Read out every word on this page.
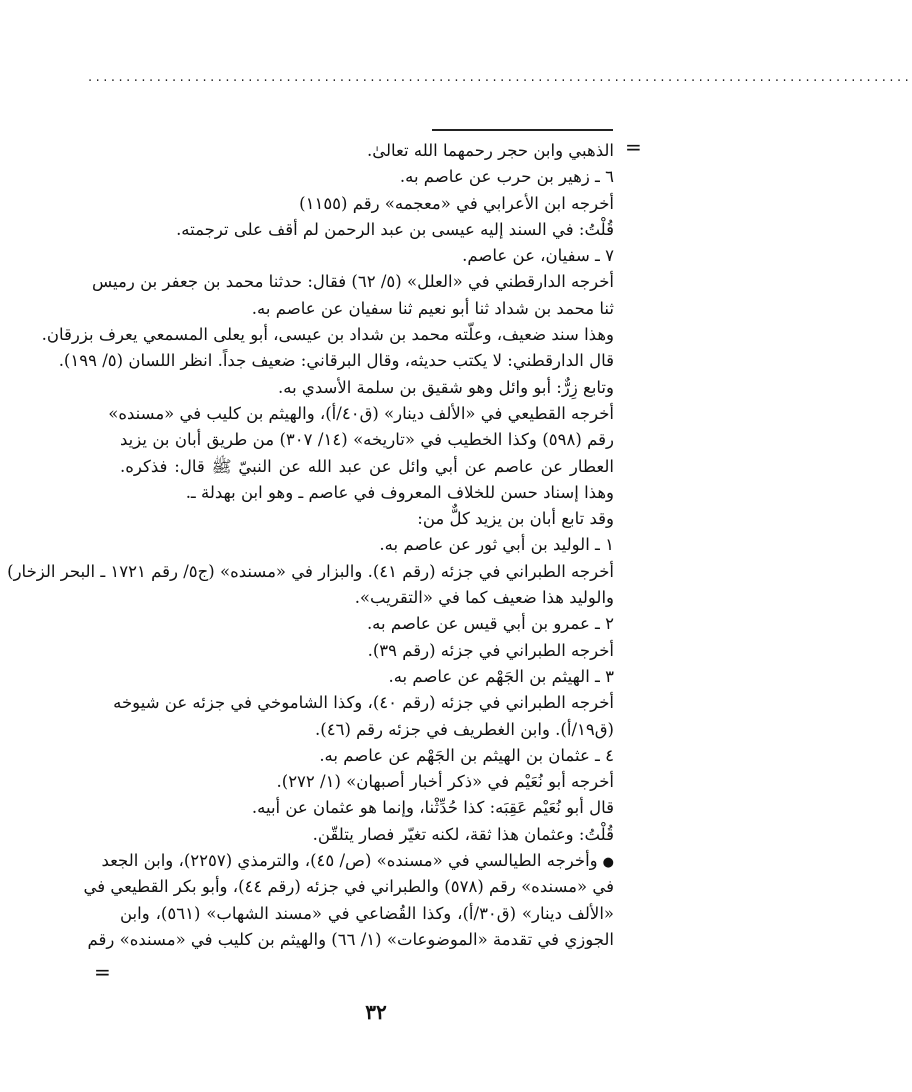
............................................................................................................
=
الذهبي وابن حجر رحمهما الله تعالىٰ.
٦ ـ زهير بن حرب عن عاصم به.
أخرجه ابن الأعرابي في «معجمه» رقم (١١٥٥)
قُلْتُ: في السند إليه عيسى بن عبد الرحمن لم أقف على ترجمته.
٧ ـ سفيان، عن عاصم.
أخرجه الدارقطني في «العلل» (٥/ ٦٢) فقال: حدثنا محمد بن جعفر بن رميس
ثنا محمد بن شداد ثنا أبو نعيم ثنا سفيان عن عاصم به.
وهذا سند ضعيف، وعلّته محمد بن شداد بن عيسى، أبو يعلى المسمعي يعرف بزرقان.
قال الدارقطني: لا يكتب حديثه، وقال البرقاني: ضعيف جداً. انظر اللسان (٥/ ١٩٩).
وتابع زِرٌّ: أبو وائل وهو شقيق بن سلمة الأسدي به.
أخرجه القطيعي في «الألف دينار» (ق٤٠/أ)، والهيثم بن كليب في «مسنده»
رقم (٥٩٨) وكذا الخطيب في «تاريخه» (١٤/ ٣٠٧) من طريق أبان بن يزيد
العطار عن عاصم عن أبي وائل عن عبد الله عن النبيّ ﷺ قال: فذكره.
وهذا إسناد حسن للخلاف المعروف في عاصم ـ وهو ابن بهدلة ـ.
وقد تابع أبان بن يزيد كلٌّ من:
١ ـ الوليد بن أبي ثور عن عاصم به.
أخرجه الطبراني في جزئه (رقم ٤١). والبزار في «مسنده» (ج٥/ رقم ١٧٢١ ـ البحر الزخار)
والوليد هذا ضعيف كما في «التقريب».
٢ ـ عمرو بن أبي قيس عن عاصم به.
أخرجه الطبراني في جزئه (رقم ٣٩).
٣ ـ الهيثم بن الجَهْم عن عاصم به.
أخرجه الطبراني في جزئه (رقم ٤٠)، وكذا الشاموخي في جزئه عن شيوخه
(ق١٩/أ). وابن الغطريف في جزئه رقم (٤٦).
٤ ـ عثمان بن الهيثم بن الجَهْم عن عاصم به.
أخرجه أبو نُعَيْم في «ذكر أخبار أصبهان» (١/ ٢٧٢).
قال أبو نُعَيْم عَقِبَه: كذا حُدِّثْنا، وإنما هو عثمان عن أبيه.
قُلْتُ: وعثمان هذا ثقة، لكنه تغيّر فصار يتلقّن.
●وأخرجه الطيالسي في «مسنده» (ص/ ٤٥)، والترمذي (٢٢٥٧)، وابن الجعد
في «مسنده» رقم (٥٧٨) والطبراني في جزئه (رقم ٤٤)، وأبو بكر القطيعي في
«الألف دينار» (ق٣٠/أ)، وكذا القُضاعي في «مسند الشهاب» (٥٦١)، وابن
الجوزي في تقدمة «الموضوعات» (١/ ٦٦) والهيثم بن كليب في «مسنده» رقم
=
٣٢
